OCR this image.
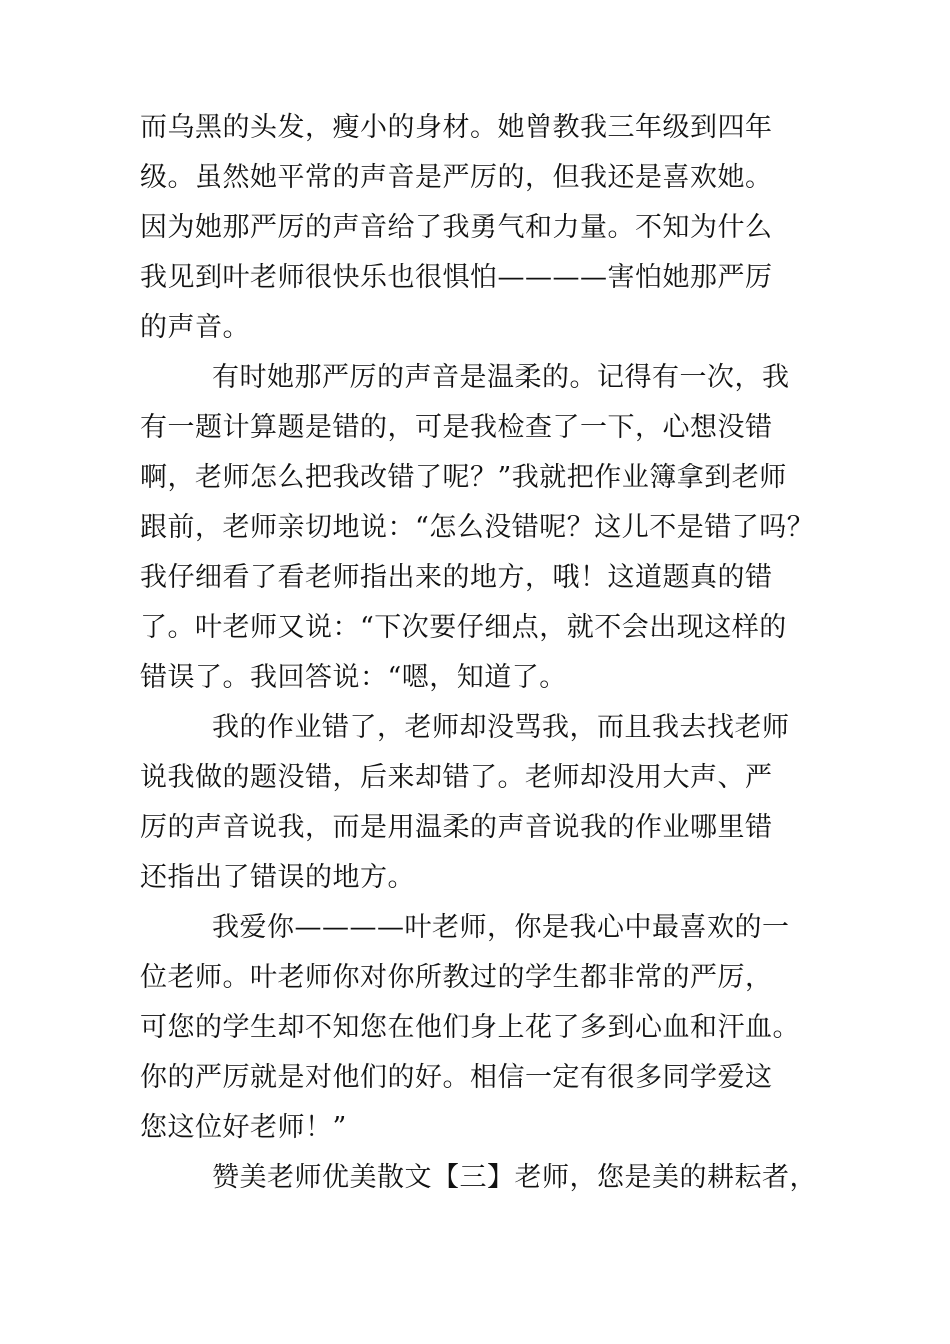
而乌黑的头发，瘦小的身材。她曾教我三年级到四年
级。虽然她平常的声音是严厉的，但我还是喜欢她。
因为她那严厉的声音给了我勇气和力量。不知为什么
我见到叶老师很快乐也很惧怕————害怕她那严厉
的声音。
有时她那严厉的声音是温柔的。记得有一次，我
有一题计算题是错的，可是我检查了一下，心想没错
啊，老师怎么把我改错了呢？”我就把作业簿拿到老师
跟前，老师亲切地说：“怎么没错呢？这儿不是错了吗？
我仔细看了看老师指出来的地方，哦！这道题真的错
了。叶老师又说：“下次要仔细点，就不会出现这样的
错误了。我回答说：“嗯，知道了。
我的作业错了，老师却没骂我，而且我去找老师
说我做的题没错，后来却错了。老师却没用大声、严
厉的声音说我，而是用温柔的声音说我的作业哪里错
还指出了错误的地方。
我爱你————叶老师，你是我心中最喜欢的一
位老师。叶老师你对你所教过的学生都非常的严厉，
可您的学生却不知您在他们身上花了多到心血和汗血。
你的严厉就是对他们的好。相信一定有很多同学爱这
您这位好老师！”
赞美老师优美散文【三】老师，您是美的耕耘者，
